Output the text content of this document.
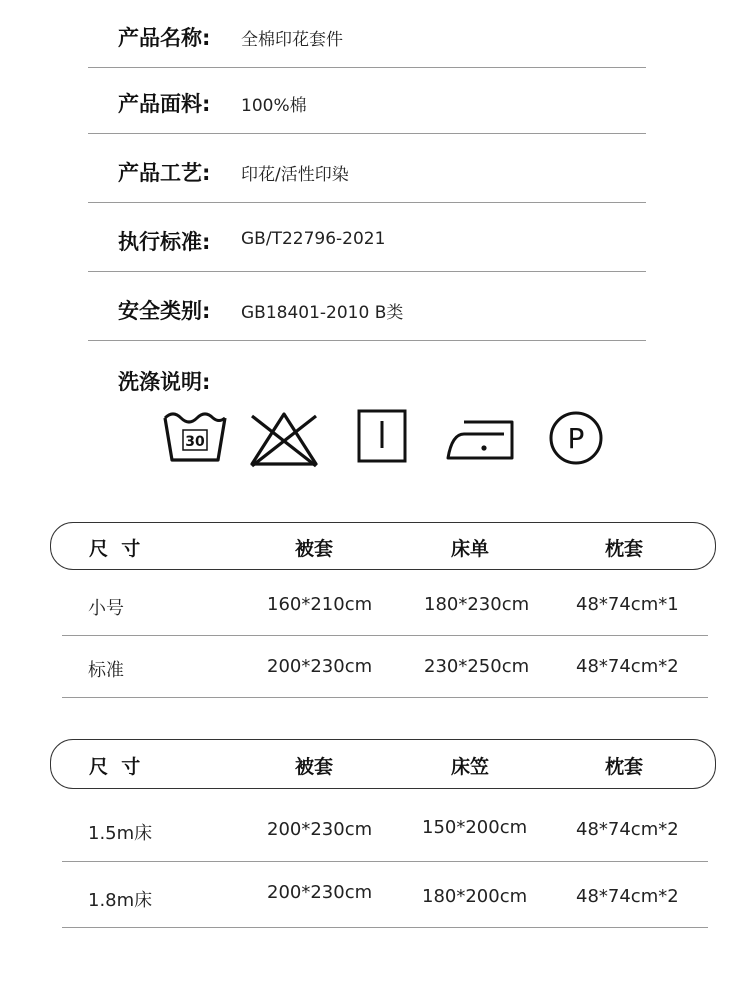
产品名称: 全棉印花套件
产品面料: 100%棉
产品工艺: 印花/活性印染
执行标准: GB/T22796-2021
安全类别: GB18401-2010 B类
洗涤说明:
30	P
尺  寸	被套	床单	枕套
小号	160*210cm	180*230cm	48*74cm*1
标准	200*230cm	230*250cm	48*74cm*2
尺  寸	被套	床笠	枕套
1.5m床	200*230cm	150*200cm	48*74cm*2
1.8m床	200*230cm	180*200cm	48*74cm*2
